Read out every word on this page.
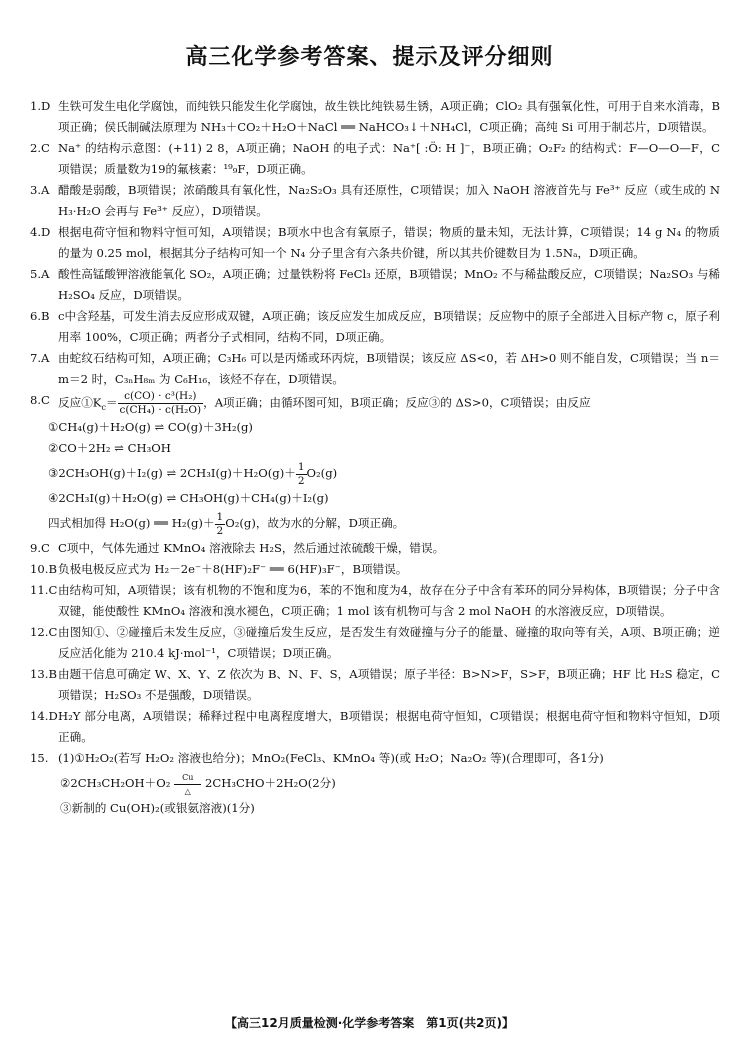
高三化学参考答案、提示及评分细则
1.D 生铁可发生电化学腐蚀，而纯铁只能发生化学腐蚀，故生铁比纯铁易生锈，A项正确；ClO₂ 具有强氧化性，可用于自来水消毒，B项正确；侯氏制碱法原理为 NH₃＋CO₂＋H₂O＋NaCl ══ NaHCO₃↓＋NH₄Cl，C项正确；高纯 Si 可用于制芯片，D项错误。
2.C Na⁺ 的结构示意图：(+11) 2 8，A项正确；NaOH 的电子式：Na⁺[ :Ö: H ]⁻，B项正确；O₂F₂ 的结构式：F—O—O—F，C项错误；质量数为19的氟核素：¹⁹₉F，D项正确。
3.A 醋酸是弱酸，B项错误；浓硝酸具有氧化性，Na₂S₂O₃ 具有还原性，C项错误；加入 NaOH 溶液首先与 Fe³⁺ 反应（或生成的 NH₃·H₂O 会再与 Fe³⁺ 反应），D项错误。
4.D 根据电荷守恒和物料守恒可知，A项错误；B项水中也含有氧原子，错误；物质的量未知，无法计算，C项错误；14 g N₄ 的物质的量为 0.25 mol，根据其分子结构可知一个 N₄ 分子里含有六条共价键，所以其共价键数目为 1.5Nₐ，D项正确。
5.A 酸性高锰酸钾溶液能氧化 SO₂，A项正确；过量铁粉将 FeCl₃ 还原，B项错误；MnO₂ 不与稀盐酸反应，C项错误；Na₂SO₃ 与稀 H₂SO₄ 反应，D项错误。
6.B c中含羟基，可发生消去反应形成双键，A项正确；该反应发生加成反应，B项错误；反应物中的原子全部进入目标产物 c，原子利用率 100%，C项正确；两者分子式相同，结构不同，D项正确。
7.A 由蛇纹石结构可知，A项正确；C₃H₆ 可以是丙烯或环丙烷，B项错误；该反应 ΔS<0，若 ΔH>0 则不能自发，C项错误；当 n＝m＝2 时，C₃ₙH₈ₘ 为 C₆H₁₆，该烃不存在，D项错误。
8.C 反应$①K_c= \frac{\text{c(CO) · c³(H₂)}}{\text{c(CH₄) · c(H₂O)}}$ ，A项正确；由循环图可知，B项正确；反应③的 ΔS>0，C项错误；由反应
①CH₄(g)＋H₂O(g) ⇌ CO(g)＋3H₂(g)
②CO＋2H₂ ⇌ CH₃OH
③2CH₃OH(g)＋I₂(g) ⇌ $2CH_3I(g)+H_2O(g)+ \frac{1}{2} O_2(g)$
④2CH₃I(g)＋H₂O(g) ⇌ CH₃OH(g)＋CH₄(g)＋I₂(g)
四式相加得 H₂O(g) ══ $H_2(g)+ \frac{1}{2} O_2(g)$，故为水的分解，D项正确。
9.C C项中，气体先通过 KMnO₄ 溶液除去 H₂S，然后通过浓硫酸干燥，错误。
10.B 负极电极反应式为 H₂－2e⁻＋8(HF)₂F⁻ ══ 6(HF)₃F⁻，B项错误。
11.C 由结构可知，A项错误；该有机物的不饱和度为6，苯的不饱和度为4，故存在分子中含有苯环的同分异构体，B项错误；分子中含双键，能使酸性 KMnO₄ 溶液和溴水褪色，C项正确；1 mol 该有机物可与含 2 mol NaOH 的水溶液反应，D项错误。
12.C 由图知①、②碰撞后未发生反应，③碰撞后发生反应，是否发生有效碰撞与分子的能量、碰撞的取向等有关，A项、B项正确；逆反应活化能为 210.4 kJ·mol⁻¹，C项错误；D项正确。
13.B 由题干信息可确定 W、X、Y、Z 依次为 B、N、F、S，A项错误；原子半径：B>N>F，S>F，B项正确；HF 比 H₂S 稳定，C项错误；H₂SO₃ 不是强酸，D项错误。
14.D H₂Y 部分电离，A项错误；稀释过程中电离程度增大，B项错误；根据电荷守恒知，C项错误；根据电荷守恒和物料守恒知，D项正确。
15. (1)①H₂O₂(若写 H₂O₂ 溶液也给分)；MnO₂(FeCl₃、KMnO₄ 等)(或 H₂O；Na₂O₂ 等)(合理即可，各1分)
②2CH₃CH₂OH＋O₂ $\frac{Cu}{\triangle} 2CH_3CHO+2H_2O(2$分)
③新制的 Cu(OH)₂(或银氨溶液)(1分)
【高三12月质量检测·化学参考答案　第1页(共2页)】
